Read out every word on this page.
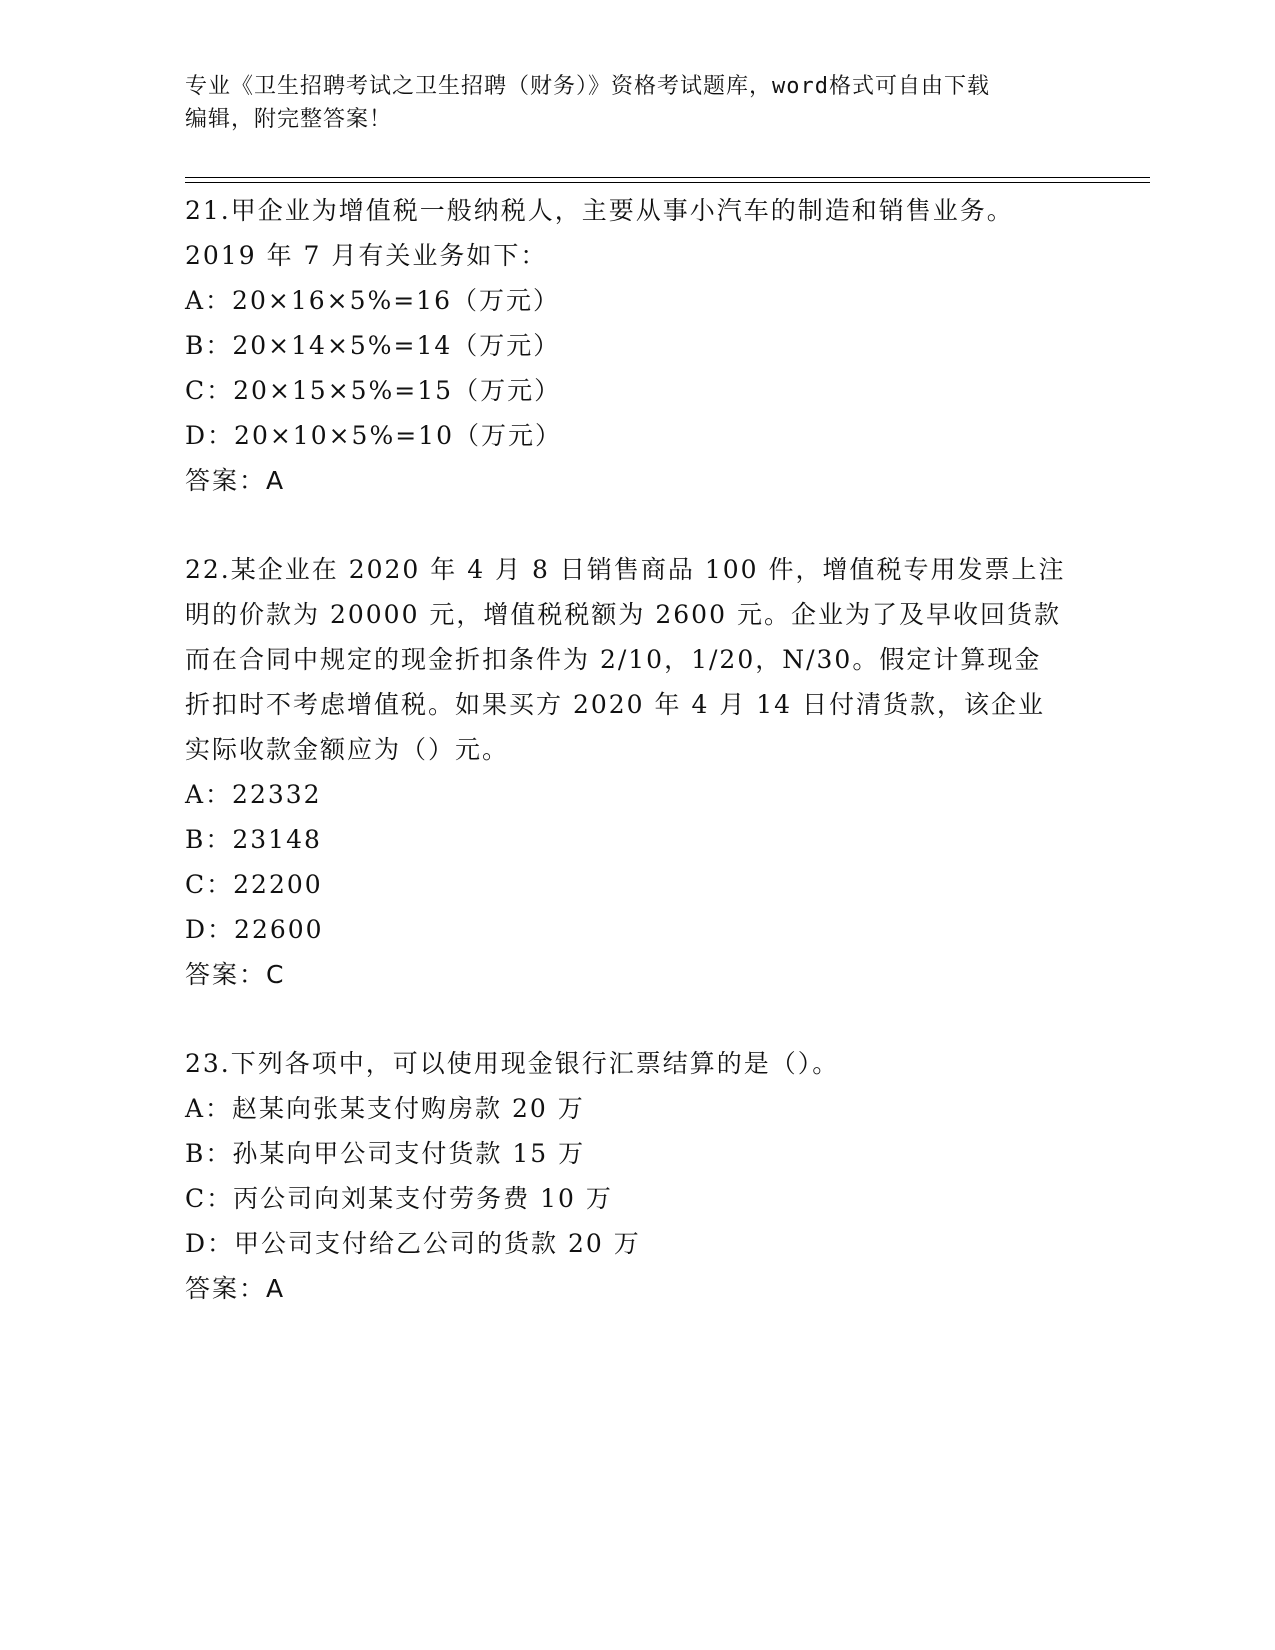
专业《卫生招聘考试之卫生招聘（财务）》资格考试题库，word格式可自由下载
编辑，附完整答案！
21.甲企业为增值税一般纳税人，主要从事小汽车的制造和销售业务。
2019 年 7 月有关业务如下：
A：20×16×5%=16（万元）
B：20×14×5%=14（万元）
C：20×15×5%=15（万元）
D：20×10×5%=10（万元）
答案：A
22.某企业在 2020 年 4 月 8 日销售商品 100 件，增值税专用发票上注
明的价款为 20000 元，增值税税额为 2600 元。企业为了及早收回货款
而在合同中规定的现金折扣条件为 2/10，1/20，N/30。假定计算现金
折扣时不考虑增值税。如果买方 2020 年 4 月 14 日付清货款，该企业
实际收款金额应为（）元。
A：22332
B：23148
C：22200
D：22600
答案：C
23.下列各项中，可以使用现金银行汇票结算的是（）。
A：赵某向张某支付购房款 20 万
B：孙某向甲公司支付货款 15 万
C：丙公司向刘某支付劳务费 10 万
D：甲公司支付给乙公司的货款 20 万
答案：A
